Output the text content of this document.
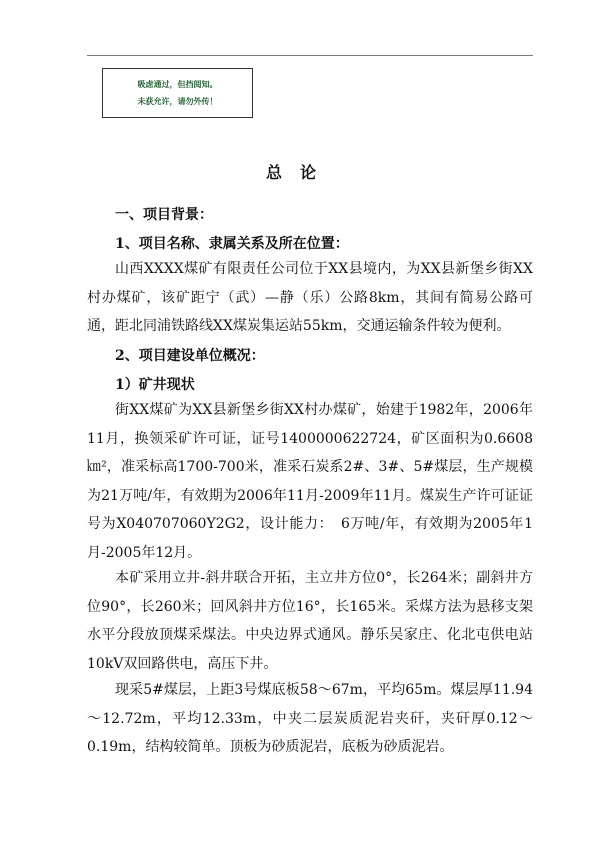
吸虑通过，但挡阅知。
未获允许，请勿外传！
总论
一、项目背景：
1、项目名称、隶属关系及所在位置：

山西XXXX煤矿有限责任公司位于XX县境内，为XX县新堡乡街XX村办煤矿，该矿距宁（武）—静（乐）公路8km，其间有简易公路可通，距北同浦铁路线XX煤炭集运站55km，交通运输条件较为便利。

2、项目建设单位概况：
1）矿井现状

街XX煤矿为XX县新堡乡街XX村办煤矿，始建于1982年，2006年11月，换领采矿许可证，证号1400000622724，矿区面积为0.6608㎞²，准采标高1700-700米，准采石炭系2#、3#、5#煤层，生产规模为21万吨/年，有效期为2006年11月-2009年11月。煤炭生产许可证证号为X040707060Y2G2，设计能力：　6万吨/年，有效期为2005年1月-2005年12月。

本矿采用立井-斜井联合开拓，主立井方位0°，长264米；副斜井方位90°，长260米；回风斜井方位16°，长165米。采煤方法为悬移支架水平分段放顶煤采煤法。中央边界式通风。静乐吴家庄、化北屯供电站10kV双回路供电，高压下井。

现采5#煤层，上距3号煤底板58～67m，平均65m。煤层厚11.94～12.72m，平均12.33m，中夹二层炭质泥岩夹矸，夹矸厚0.12～0.19m，结构较简单。顶板为砂质泥岩，底板为砂质泥岩。
